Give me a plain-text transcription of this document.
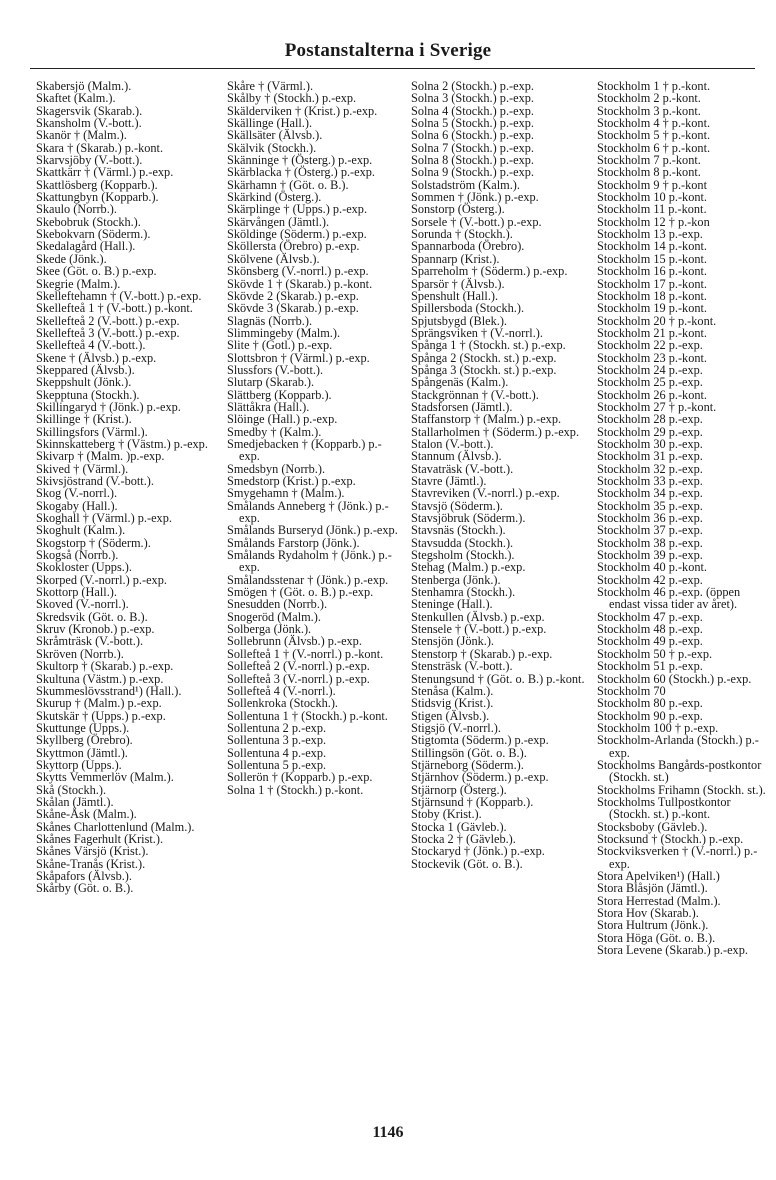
Postanstalterna i Sverige

Skabersjö (Malm.).

Skaftet (Kalm.).

Skagersvik (Skarab.).

Skansholm (V.-bott.).

Skanör † (Malm.).

Skara † (Skarab.) p.-kont.

Skarvsjöby (V.-bott.).

Skattkärr † (Värml.) p.-exp.

Skattlösberg (Kopparb.).

Skattungbyn (Kopparb.).

Skaulo (Norrb.).

Skebobruk (Stockh.).

Skebokvarn (Söderm.).

Skedalagård (Hall.).

Skede (Jönk.).

Skee (Göt. o. B.) p.-exp.

Skegrie (Malm.).

Skelleftehamn † (V.-bott.) p.-exp.

Skellefteå 1 † (V.-bott.) p.-kont.

Skellefteå 2 (V.-bott.) p.-exp.

Skellefteå 3 (V.-bott.) p.-exp.

Skellefteå 4 (V.-bott.).

Skene † (Älvsb.) p.-exp.

Skeppared (Älvsb.).

Skeppshult (Jönk.).

Skepptuna (Stockh.).

Skillingaryd † (Jönk.) p.-exp.

Skillinge † (Krist.).

Skillingsfors (Värml.).

Skinnskatteberg † (Västm.) p.-exp.

Skivarp † (Malm. )p.-exp.

Skived † (Värml.).

Skivsjöstrand (V.-bott.).

Skog (V.-norrl.).

Skogaby (Hall.).

Skoghall † (Värml.) p.-exp.

Skoghult (Kalm.).

Skogstorp † (Söderm.).

Skogså (Norrb.).

Skokloster (Upps.).

Skorped (V.-norrl.) p.-exp.

Skottorp (Hall.).

Skoved (V.-norrl.).

Skredsvik (Göt. o. B.).

Skruv (Kronob.) p.-exp.

Skråmträsk (V.-bott.).

Skröven (Norrb.).

Skultorp † (Skarab.) p.-exp.

Skultuna (Västm.) p.-exp.

Skummeslövsstrand¹) (Hall.).

Skurup † (Malm.) p.-exp.

Skutskär † (Upps.) p.-exp.

Skuttunge (Upps.).

Skyllberg (Örebro).

Skyttmon (Jämtl.).

Skyttorp (Upps.).

Skytts Vemmerlöv (Malm.).

Skå (Stockh.).

Skålan (Jämtl.).

Skåne-Åsk (Malm.).

Skånes Charlottenlund (Malm.).

Skånes Fagerhult (Krist.).

Skånes Värsjö (Krist.).

Skåne-Tranås (Krist.).

Skåpafors (Älvsb.).

Skårby (Göt. o. B.).

Skåre † (Värml.).

Skålby † (Stockh.) p.-exp.

Skälderviken † (Krist.) p.-exp.

Skällinge (Hall.).

Skällsäter (Älvsb.).

Skälvik (Stockh.).

Skänninge † (Österg.) p.-exp.

Skärblacka † (Österg.) p.-exp.

Skärhamn † (Göt. o. B.).

Skärkind (Österg.).

Skärplinge † (Upps.) p.-exp.

Skärvången (Jämtl.).

Sköldinge (Söderm.) p.-exp.

Sköllersta (Örebro) p.-exp.

Skölvene (Älvsb.).

Skönsberg (V.-norrl.) p.-exp.

Skövde 1 † (Skarab.) p.-kont.

Skövde 2 (Skarab.) p.-exp.

Skövde 3 (Skarab.) p.-exp.

Slagnäs (Norrb.).

Slimmingeby (Malm.).

Slite † (Gotl.) p.-exp.

Slottsbron † (Värml.) p.-exp.

Slussfors (V.-bott.).

Slutarp (Skarab.).

Slättberg (Kopparb.).

Slättåkra (Hall.).

Slöinge (Hall.) p.-exp.

Smedby † (Kalm.).

Smedjebacken † (Kopparb.) p.-exp.

Smedsbyn (Norrb.).

Smedstorp (Krist.) p.-exp.

Smygehamn † (Malm.).

Smålands Anneberg † (Jönk.) p.-exp.

Smålands Burseryd (Jönk.) p.-exp.

Smålands Farstorp (Jönk.).

Smålands Rydaholm † (Jönk.) p.-exp.

Smålandsstenar † (Jönk.) p.-exp.

Smögen † (Göt. o. B.) p.-exp.

Snesudden (Norrb.).

Snogeröd (Malm.).

Solberga (Jönk.).

Sollebrunn (Älvsb.) p.-exp.

Sollefteå 1 † (V.-norrl.) p.-kont.

Sollefteå 2 (V.-norrl.) p.-exp.

Sollefteå 3 (V.-norrl.) p.-exp.

Sollefteå 4 (V.-norrl.).

Sollenkroka (Stockh.).

Sollentuna 1 † (Stockh.) p.-kont.

Sollentuna 2 p.-exp.

Sollentuna 3 p.-exp.

Sollentuna 4 p.-exp.

Sollentuna 5 p.-exp.

Sollerön † (Kopparb.) p.-exp.

Solna 1 † (Stockh.) p.-kont.

Solna 2 (Stockh.) p.-exp.

Solna 3 (Stockh.) p.-exp.

Solna 4 (Stockh.) p.-exp.

Solna 5 (Stockh.) p.-exp.

Solna 6 (Stockh.) p.-exp.

Solna 7 (Stockh.) p.-exp.

Solna 8 (Stockh.) p.-exp.

Solna 9 (Stockh.) p.-exp.

Solstadström (Kalm.).

Sommen † (Jönk.) p.-exp.

Sonstorp (Österg.).

Sorsele † (V.-bott.) p.-exp.

Sorunda † (Stockh.).

Spannarboda (Örebro).

Spannarp (Krist.).

Sparreholm † (Söderm.) p.-exp.

Sparsör † (Älvsb.).

Spenshult (Hall.).

Spillersboda (Stockh.).

Spjutsbygd (Blek.).

Sprängsviken † (V.-norrl.).

Spånga 1 † (Stockh. st.) p.-exp.

Spånga 2 (Stockh. st.) p.-exp.

Spånga 3 (Stockh. st.) p.-exp.

Spångenäs (Kalm.).

Stackgrönnan † (V.-bott.).

Stadsforsen (Jämtl.).

Staffanstorp † (Malm.) p.-exp.

Stallarholmen † (Söderm.) p.-exp.

Stalon (V.-bott.).

Stannum (Älvsb.).

Stavaträsk (V.-bott.).

Stavre (Jämtl.).

Stavreviken (V.-norrl.) p.-exp.

Stavsjö (Söderm.).

Stavsjöbruk (Söderm.).

Stavsnäs (Stockh.).

Stavsudda (Stockh.).

Stegsholm (Stockh.).

Stehag (Malm.) p.-exp.

Stenberga (Jönk.).

Stenhamra (Stockh.).

Steninge (Hall.).

Stenkullen (Älvsb.) p.-exp.

Stensele † (V.-bott.) p.-exp.

Stensjön (Jönk.).

Stenstorp † (Skarab.) p.-exp.

Stensträsk (V.-bott.).

Stenungsund † (Göt. o. B.) p.-kont.

Stenåsa (Kalm.).

Stidsvig (Krist.).

Stigen (Älvsb.).

Stigsjö (V.-norrl.).

Stigtomta (Söderm.) p.-exp.

Stillingsön (Göt. o. B.).

Stjärneborg (Söderm.).

Stjärnhov (Söderm.) p.-exp.

Stjärnorp (Österg.).

Stjärnsund † (Kopparb.).

Stoby (Krist.).

Stocka 1 (Gävleb.).

Stocka 2 † (Gävleb.).

Stockaryd † (Jönk.) p.-exp.

Stockevik (Göt. o. B.).

Stockholm 1 † p.-kont.

Stockholm 2 p.-kont.

Stockholm 3 p.-kont.

Stockholm 4 † p.-kont.

Stockholm 5 † p.-kont.

Stockholm 6 † p.-kont.

Stockholm 7 p.-kont.

Stockholm 8 p.-kont.

Stockholm 9 † p.-kont

Stockholm 10 p.-kont.

Stockholm 11 p.-kont.

Stockholm 12 † p.-kon

Stockholm 13 p.-exp.

Stockholm 14 p.-kont.

Stockholm 15 p.-kont.

Stockholm 16 p.-kont.

Stockholm 17 p.-kont.

Stockholm 18 p.-kont.

Stockholm 19 p.-kont.

Stockholm 20 † p.-kont.

Stockholm 21 p.-kont.

Stockholm 22 p.-exp.

Stockholm 23 p.-kont.

Stockholm 24 p.-exp.

Stockholm 25 p.-exp.

Stockholm 26 p.-kont.

Stockholm 27 † p.-kont.

Stockholm 28 p.-exp.

Stockholm 29 p.-exp.

Stockholm 30 p.-exp.

Stockholm 31 p.-exp.

Stockholm 32 p.-exp.

Stockholm 33 p.-exp.

Stockholm 34 p.-exp.

Stockholm 35 p.-exp.

Stockholm 36 p.-exp.

Stockholm 37 p.-exp.

Stockholm 38 p.-exp.

Stockholm 39 p.-exp.

Stockholm 40 p.-kont.

Stockholm 42 p.-exp.

Stockholm 46 p.-exp. (öppen endast vissa tider av året).

Stockholm 47 p.-exp.

Stockholm 48 p.-exp.

Stockholm 49 p.-exp.

Stockholm 50 † p.-exp.

Stockholm 51 p.-exp.

Stockholm 60 (Stockh.) p.-exp.

Stockholm 70

Stockholm 80 p.-exp.

Stockholm 90 p.-exp.

Stockholm 100 † p.-exp.

Stockholm-Arlanda (Stockh.) p.-exp.

Stockholms Bangårds-postkontor (Stockh. st.)

Stockholms Frihamn (Stockh. st.).

Stockholms Tullpostkontor (Stockh. st.) p.-kont.

Stocksboby (Gävleb.).

Stocksund † (Stockh.) p.-exp.

Stockviksverken † (V.-norrl.) p.-exp.

Stora Apelviken¹) (Hall.)

Stora Blåsjön (Jämtl.).

Stora Herrestad (Malm.).

Stora Hov (Skarab.).

Stora Hultrum (Jönk.).

Stora Höga (Göt. o. B.).

Stora Levene (Skarab.) p.-exp.

1146
